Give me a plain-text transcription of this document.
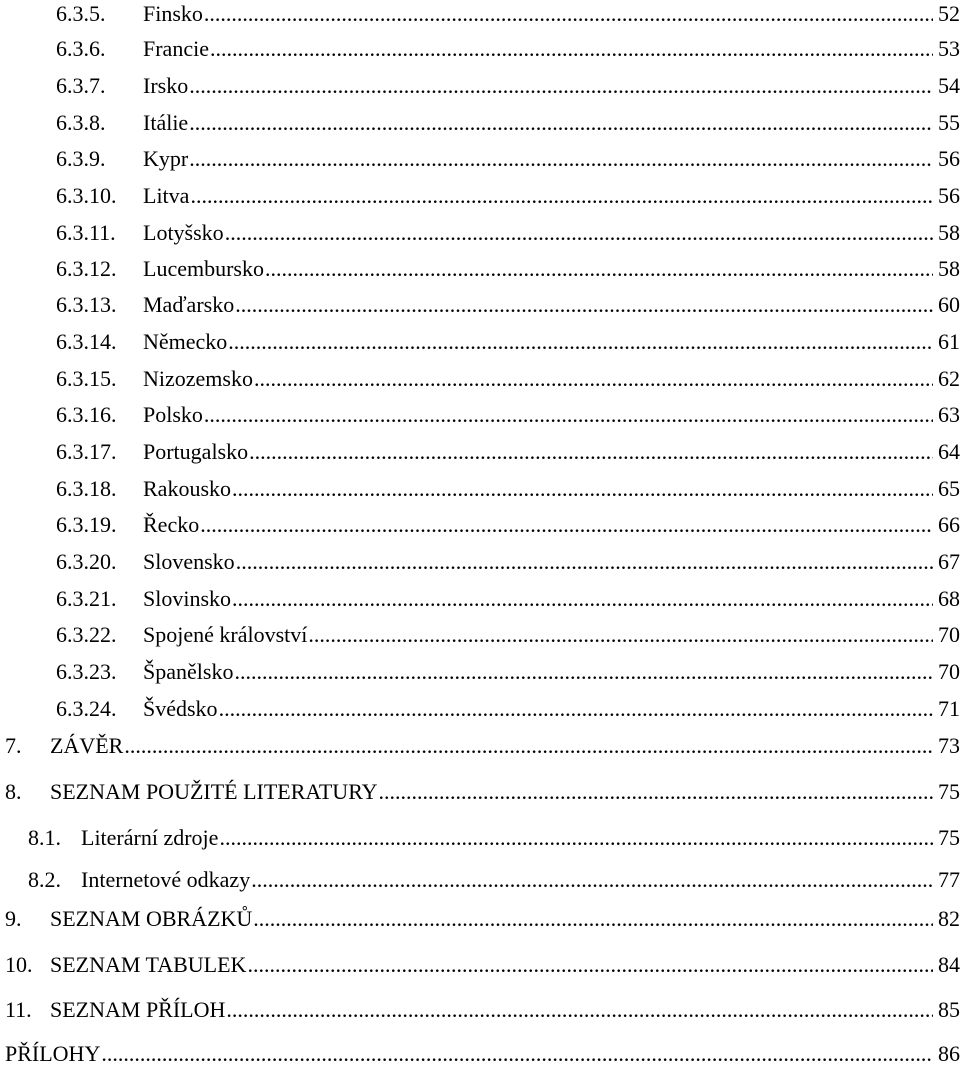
6.3.5.	Finsko .....	52
6.3.6.	Francie .....	53
6.3.7.	Irsko .....	54
6.3.8.	Itálie .....	55
6.3.9.	Kypr .....	56
6.3.10.	Litva .....	56
6.3.11.	Lotyšsko .....	58
6.3.12.	Lucembursko .....	58
6.3.13.	Maďarsko .....	60
6.3.14.	Německo .....	61
6.3.15.	Nizozemsko .....	62
6.3.16.	Polsko .....	63
6.3.17.	Portugalsko .....	64
6.3.18.	Rakousko .....	65
6.3.19.	Řecko .....	66
6.3.20.	Slovensko .....	67
6.3.21.	Slovinsko .....	68
6.3.22.	Spojené království .....	70
6.3.23.	Španělsko .....	70
6.3.24.	Švédsko .....	71
7.	ZÁVĚR .....	73
8.	SEZNAM POUŽITÉ LITERATURY .....	75
8.1. Literární zdroje .....	75
8.2. Internetové odkazy .....	77
9.	SEZNAM OBRÁZKŮ .....	82
10. SEZNAM TABULEK .....	84
11. SEZNAM PŘÍLOH .....	85
PŘÍLOHY .....	86
